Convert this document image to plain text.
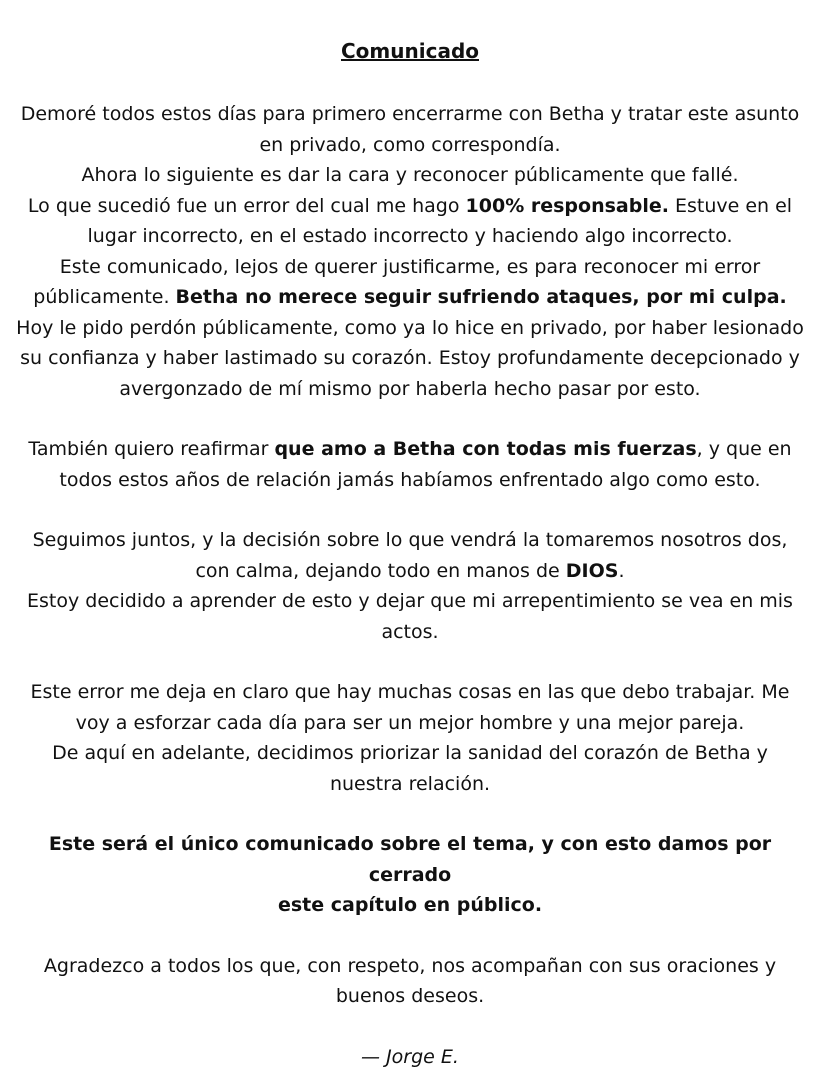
Comunicado

Demoré todos estos días para primero encerrarme con Betha y tratar este asunto
en privado, como correspondía.
Ahora lo siguiente es dar la cara y reconocer públicamente que fallé.
Lo que sucedió fue un error del cual me hago 100% responsable. Estuve en el
lugar incorrecto, en el estado incorrecto y haciendo algo incorrecto.
Este comunicado, lejos de querer justificarme, es para reconocer mi error
públicamente. Betha no merece seguir sufriendo ataques, por mi culpa.
Hoy le pido perdón públicamente, como ya lo hice en privado, por haber lesionado
su confianza y haber lastimado su corazón. Estoy profundamente decepcionado y
avergonzado de mí mismo por haberla hecho pasar por esto.

También quiero reafirmar que amo a Betha con todas mis fuerzas, y que en
todos estos años de relación jamás habíamos enfrentado algo como esto.

Seguimos juntos, y la decisión sobre lo que vendrá la tomaremos nosotros dos,
con calma, dejando todo en manos de DIOS.
Estoy decidido a aprender de esto y dejar que mi arrepentimiento se vea en mis
actos.

Este error me deja en claro que hay muchas cosas en las que debo trabajar. Me
voy a esforzar cada día para ser un mejor hombre y una mejor pareja.
De aquí en adelante, decidimos priorizar la sanidad del corazón de Betha y
nuestra relación.

Este será el único comunicado sobre el tema, y con esto damos por cerrado
este capítulo en público.

Agradezco a todos los que, con respeto, nos acompañan con sus oraciones y
buenos deseos.

— Jorge E.
